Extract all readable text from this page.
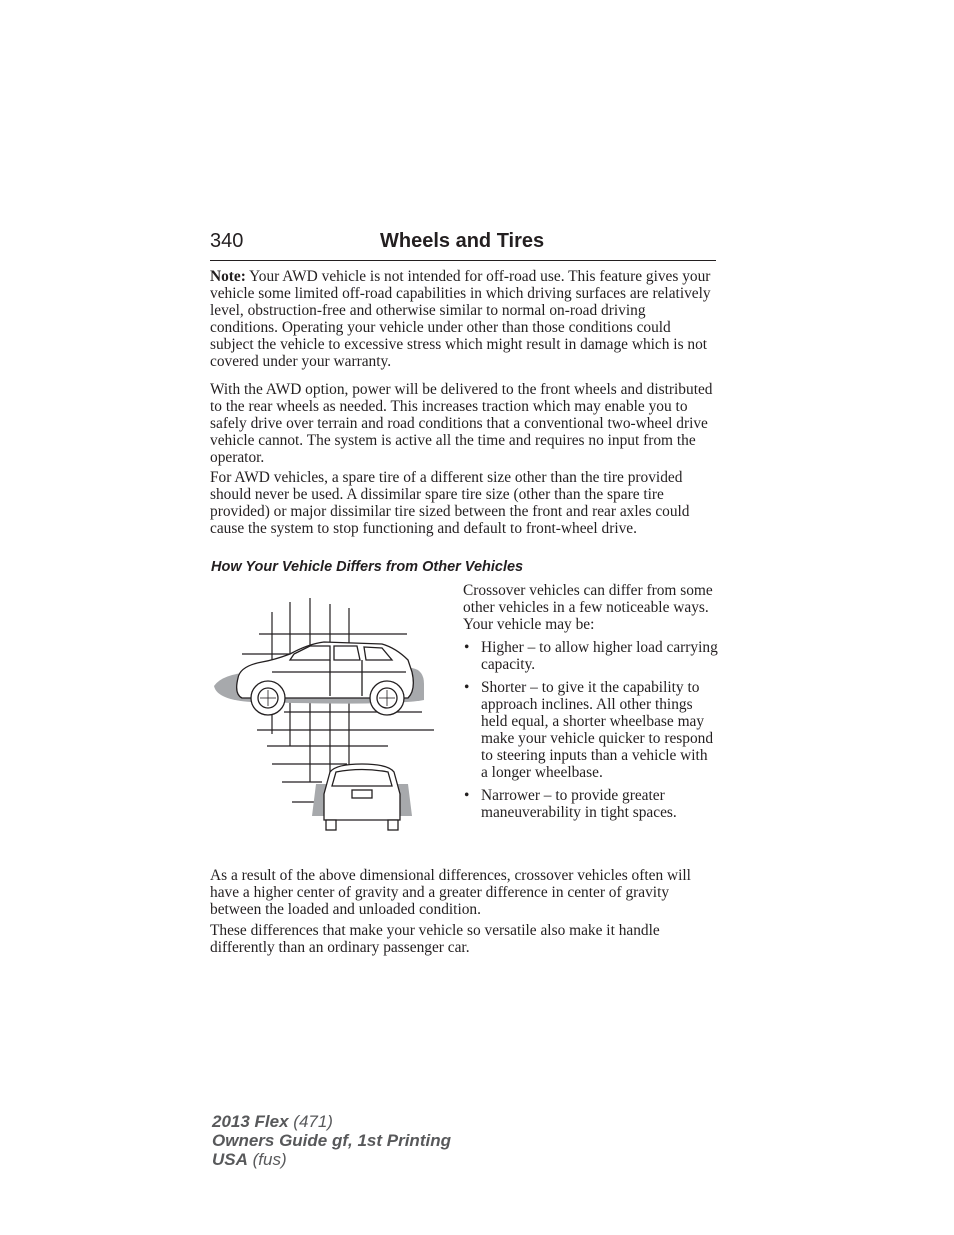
340	Wheels and Tires

Note: Your AWD vehicle is not intended for off-road use. This feature gives your vehicle some limited off-road capabilities in which driving surfaces are relatively level, obstruction-free and otherwise similar to normal on-road driving conditions. Operating your vehicle under other than those conditions could subject the vehicle to excessive stress which might result in damage which is not covered under your warranty.

With the AWD option, power will be delivered to the front wheels and distributed to the rear wheels as needed. This increases traction which may enable you to safely drive over terrain and road conditions that a conventional two-wheel drive vehicle cannot. The system is active all the time and requires no input from the operator.

For AWD vehicles, a spare tire of a different size other than the tire provided should never be used. A dissimilar spare tire size (other than the spare tire provided) or major dissimilar tire sized between the front and rear axles could cause the system to stop functioning and default to front-wheel drive.

How Your Vehicle Differs from Other Vehicles

Crossover vehicles can differ from some other vehicles in a few noticeable ways. Your vehicle may be:

• Higher – to allow higher load carrying capacity.
• Shorter – to give it the capability to approach inclines. All other things held equal, a shorter wheelbase may make your vehicle quicker to respond to steering inputs than a vehicle with a longer wheelbase.
• Narrower – to provide greater maneuverability in tight spaces.

As a result of the above dimensional differences, crossover vehicles often will have a higher center of gravity and a greater difference in center of gravity between the loaded and unloaded condition.

These differences that make your vehicle so versatile also make it handle differently than an ordinary passenger car.

2013 Flex (471)
Owners Guide gf, 1st Printing
USA (fus)
